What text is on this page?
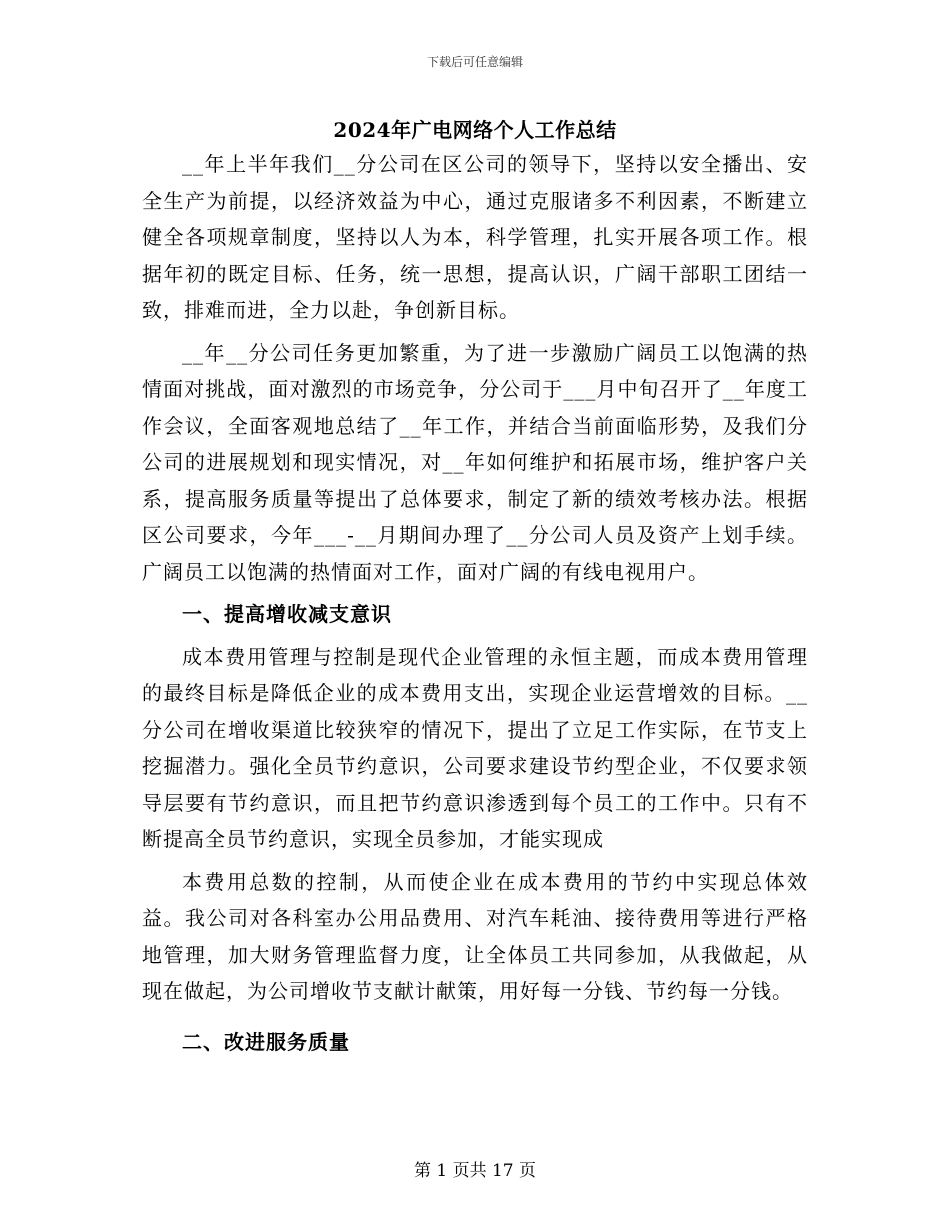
下载后可任意编辑
2024年广电网络个人工作总结

__年上半年我们__分公司在区公司的领导下，坚持以安全播出、安全生产为前提，以经济效益为中心，通过克服诸多不利因素，不断建立健全各项规章制度，坚持以人为本，科学管理，扎实开展各项工作。根据年初的既定目标、任务，统一思想，提高认识，广阔干部职工团结一致，排难而进，全力以赴，争创新目标。

__年__分公司任务更加繁重，为了进一步激励广阔员工以饱满的热情面对挑战，面对激烈的市场竞争，分公司于___月中旬召开了__年度工作会议，全面客观地总结了__年工作，并结合当前面临形势，及我们分公司的进展规划和现实情况，对__年如何维护和拓展市场，维护客户关系，提高服务质量等提出了总体要求，制定了新的绩效考核办法。根据区公司要求，今年___-__月期间办理了__分公司人员及资产上划手续。广阔员工以饱满的热情面对工作，面对广阔的有线电视用户。

一、提高增收减支意识

成本费用管理与控制是现代企业管理的永恒主题，而成本费用管理的最终目标是降低企业的成本费用支出，实现企业运营增效的目标。__分公司在增收渠道比较狭窄的情况下，提出了立足工作实际，在节支上挖掘潜力。强化全员节约意识，公司要求建设节约型企业，不仅要求领导层要有节约意识，而且把节约意识渗透到每个员工的工作中。只有不断提高全员节约意识，实现全员参加，才能实现成

本费用总数的控制，从而使企业在成本费用的节约中实现总体效益。我公司对各科室办公用品费用、对汽车耗油、接待费用等进行严格地管理，加大财务管理监督力度，让全体员工共同参加，从我做起，从现在做起，为公司增收节支献计献策，用好每一分钱、节约每一分钱。

二、改进服务质量

第 1 页共 17 页
